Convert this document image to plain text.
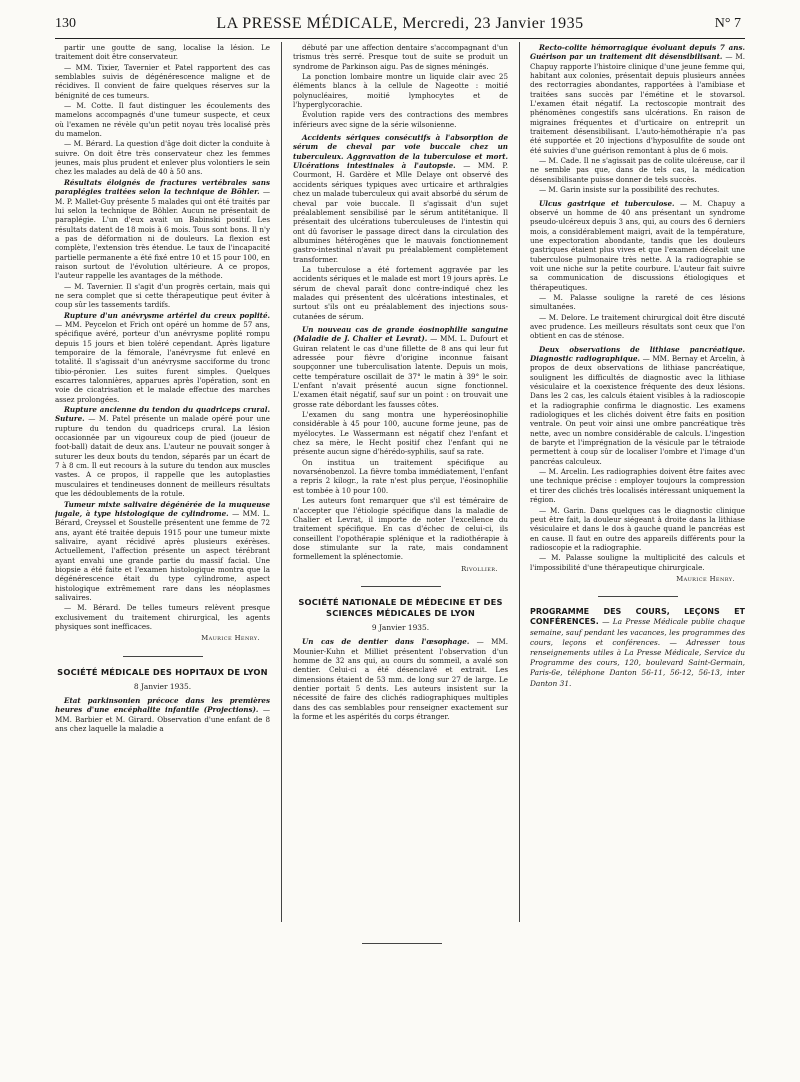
130	LA PRESSE MÉDICALE, Mercredi, 23 Janvier 1935	N° 7

partir une goutte de sang, localise la lésion. Le traitement doit être conservateur.

— MM. Tixier, Tavernier et Patel rapportent des cas semblables suivis de dégénérescence maligne et de récidives. Il convient de faire quelques réserves sur la bénignité de ces tumeurs.

— M. Cotte. Il faut distinguer les écoulements des mamelons accompagnés d'une tumeur suspecte, et ceux où l'examen ne révèle qu'un petit noyau très localisé près du mamelon.

— M. Bérard. La question d'âge doit dicter la conduite à suivre. On doit être très conservateur chez les femmes jeunes, mais plus prudent et enlever plus volontiers le sein chez les malades au delà de 40 à 50 ans.

Résultats éloignés de fractures vertébrales sans paraplégies traitées selon la technique de Böhler. — M. P. Mallet-Guy présente 5 malades qui ont été traités par lui selon la technique de Böhler. Aucun ne présentait de paraplégie. L'un d'eux avait un Babinski positif. Les résultats datent de 18 mois à 6 mois. Tous sont bons. Il n'y a pas de déformation ni de douleurs. La flexion est complète, l'extension très étendue. Le taux de l'incapacité partielle permanente a été fixé entre 10 et 15 pour 100, en raison surtout de l'évolution ultérieure. A ce propos, l'auteur rappelle les avantages de la méthode.

— M. Tavernier. Il s'agit d'un progrès certain, mais qui ne sera complet que si cette thérapeutique peut éviter à coup sûr les tassements tardifs.

Rupture d'un anévrysme artériel du creux poplité. — MM. Peycelon et Frich ont opéré un homme de 57 ans, spécifique avéré, porteur d'un anévrysme poplité rompu depuis 15 jours et bien toléré cependant. Après ligature temporaire de la fémorale, l'anévrysme fut enlevé en totalité. Il s'agissait d'un anévrysme sacciforme du tronc tibio-péronier. Les suites furent simples. Quelques escarres talonnières, apparues après l'opération, sont en voie de cicatrisation et le malade effectue des marches assez prolongées.

Rupture ancienne du tendon du quadriceps crural. Suture. — M. Patel présente un malade opéré pour une rupture du tendon du quadriceps crural. La lésion occasionnée par un vigoureux coup de pied (joueur de foot-ball) datait de deux ans. L'auteur ne pouvait songer à suturer les deux bouts du tendon, séparés par un écart de 7 à 8 cm. Il eut recours à la suture du tendon aux muscles vastes. A ce propos, il rappelle que les autoplasties musculaires et tendineuses donnent de meilleurs résultats que les dédoublements de la rotule.

Tumeur mixte salivaire dégénérée de la muqueuse jugale, à type histologique de cylindrome. — MM. L. Bérard, Creyssel et Soustelle présentent une femme de 72 ans, ayant été traitée depuis 1915 pour une tumeur mixte salivaire, ayant récidivé après plusieurs exérèses. Actuellement, l'affection présente un aspect térébrant ayant envahi une grande partie du massif facial. Une biopsie a été faite et l'examen histologique montra que la dégénérescence était du type cylindrome, aspect histologique extrêmement rare dans les néoplasmes salivaires.

— M. Bérard. De telles tumeurs relèvent presque exclusivement du traitement chirurgical, les agents physiques sont inefficaces.

Maurice Henry.

SOCIÉTÉ MÉDICALE DES HOPITAUX DE LYON

8 Janvier 1935.

Etat parkinsonien précoce dans les premières heures d'une encéphalite infantile (Projections). — MM. Barbier et M. Girard. Observation d'une enfant de 8 ans chez laquelle la maladie a

débuté par une affection dentaire s'accompagnant d'un trismus très serré. Presque tout de suite se produit un syndrome de Parkinson aigu. Pas de signes méningés.

La ponction lombaire montre un liquide clair avec 25 éléments blancs à la cellule de Nageotte : moitié polynucléaires, moitié lymphocytes et de l'hyperglycorachie.

Évolution rapide vers des contractions des membres inférieurs avec signe de la série wilsonienne.

Accidents sériques consécutifs à l'absorption de sérum de cheval par voie buccale chez un tuberculeux. Aggravation de la tuberculose et mort. Ulcérations intestinales à l'autopsie. — MM. P. Courmont, H. Gardère et Mlle Delaye ont observé des accidents sériques typiques avec urticaire et arthralgies chez un malade tuberculeux qui avait absorbé du sérum de cheval par voie buccale. Il s'agissait d'un sujet préalablement sensibilisé par le sérum antitétanique. Il présentait des ulcérations tuberculeuses de l'intestin qui ont dû favoriser le passage direct dans la circulation des albumines hétérogènes que le mauvais fonctionnement gastro-intestinal n'avait pu préalablement complètement transformer.

La tuberculose a été fortement aggravée par les accidents sériques et le malade est mort 19 jours après. Le sérum de cheval paraît donc contre-indiqué chez les malades qui présentent des ulcérations intestinales, et surtout s'ils ont eu préalablement des injections sous-cutanées de sérum.

Un nouveau cas de grande éosinophilie sanguine (Maladie de J. Chalier et Levrat). — MM. L. Dufourt et Guiran relatent le cas d'une fillette de 8 ans qui leur fut adressée pour fièvre d'origine inconnue faisant soupçonner une tuberculisation latente. Depuis un mois, cette température oscillait de 37° le matin à 39° le soir. L'enfant n'avait présenté aucun signe fonctionnel. L'examen était négatif, sauf sur un point : on trouvait une grosse rate débordant les fausses côtes.

L'examen du sang montra une hyperéosinophilie considérable à 45 pour 100, aucune forme jeune, pas de myélocytes. Le Wassermann est négatif chez l'enfant et chez sa mère, le Hecht positif chez l'enfant qui ne présente aucun signe d'hérédo-syphilis, sauf sa rate.

On institua un traitement spécifique au novarsénobenzol. La fièvre tomba immédiatement, l'enfant a repris 2 kilogr., la rate n'est plus perçue, l'éosinophilie est tombée à 10 pour 100.

Les auteurs font remarquer que s'il est téméraire de n'accepter que l'étiologie spécifique dans la maladie de Chalier et Levrat, il importe de noter l'excellence du traitement spécifique. En cas d'échec de celui-ci, ils conseillent l'opothérapie splénique et la radiothérapie à dose stimulante sur la rate, mais condamnent formellement la splénectomie.

Rivollier.

SOCIÉTÉ NATIONALE DE MÉDECINE ET DES SCIENCES MÉDICALES DE LYON

9 Janvier 1935.

Un cas de dentier dans l'œsophage. — MM. Mounier-Kuhn et Milliet présentent l'observation d'un homme de 32 ans qui, au cours du sommeil, a avalé son dentier. Celui-ci a été désenclavé et extrait. Les dimensions étaient de 53 mm. de long sur 27 de large. Le dentier portait 5 dents. Les auteurs insistent sur la nécessité de faire des clichés radiographiques multiples dans des cas semblables pour renseigner exactement sur la forme et les aspérités du corps étranger.

Recto-colite hémorragique évoluant depuis 7 ans. Guérison par un traitement dit désensibilisant. — M. Chapuy rapporte l'histoire clinique d'une jeune femme qui, habitant aux colonies, présentait depuis plusieurs années des rectorragies abondantes, rapportées à l'amibiase et traitées sans succès par l'émétine et le stovarsol. L'examen était négatif. La rectoscopie montrait des phénomènes congestifs sans ulcérations. En raison de migraines fréquentes et d'urticaire on entreprit un traitement désensibilisant. L'auto-hémothérapie n'a pas été supportée et 20 injections d'hyposulfite de soude ont été suivies d'une guérison remontant à plus de 6 mois.

— M. Cade. Il ne s'agissait pas de colite ulcéreuse, car il ne semble pas que, dans de tels cas, la médication désensibilisante puisse donner de tels succès.

— M. Garin insiste sur la possibilité des rechutes.

Ulcus gastrique et tuberculose. — M. Chapuy a observé un homme de 40 ans présentant un syndrome pseudo-ulcéreux depuis 3 ans, qui, au cours des 6 derniers mois, a considérablement maigri, avait de la température, une expectoration abondante, tandis que les douleurs gastriques étaient plus vives et que l'examen décelait une tuberculose pulmonaire très nette. A la radiographie se voit une niche sur la petite courbure. L'auteur fait suivre sa communication de discussions étiologiques et thérapeutiques.

— M. Palasse souligne la rareté de ces lésions simultanées.

— M. Delore. Le traitement chirurgical doit être discuté avec prudence. Les meilleurs résultats sont ceux que l'on obtient en cas de sténose.

Deux observations de lithiase pancréatique. Diagnostic radiographique. — MM. Bernay et Arcelin, à propos de deux observations de lithiase pancréatique, soulignent les difficultés de diagnostic avec la lithiase vésiculaire et la coexistence fréquente des deux lésions. Dans les 2 cas, les calculs étaient visibles à la radioscopie et la radiographie confirma le diagnostic. Les examens radiologiques et les clichés doivent être faits en position ventrale. On peut voir ainsi une ombre pancréatique très nette, avec un nombre considérable de calculs. L'ingestion de baryte et l'imprégnation de la vésicule par le tétraiode permettent à coup sûr de localiser l'ombre et l'image d'un pancréas calculeux.

— M. Arcelin. Les radiographies doivent être faites avec une technique précise : employer toujours la compression et tirer des clichés très localisés intéressant uniquement la région.

— M. Garin. Dans quelques cas le diagnostic clinique peut être fait, la douleur siégeant à droite dans la lithiase vésiculaire et dans le dos à gauche quand le pancréas est en cause. Il faut en outre des appareils différents pour la radioscopie et la radiographie.

— M. Palasse souligne la multiplicité des calculs et l'impossibilité d'une thérapeutique chirurgicale.

Maurice Henry.

PROGRAMME DES COURS, LEÇONS ET CONFÉRENCES. — La Presse Médicale publie chaque semaine, sauf pendant les vacances, les programmes des cours, leçons et conférences. — Adresser tous renseignements utiles à La Presse Médicale, Service du Programme des cours, 120, boulevard Saint-Germain, Paris-6e, téléphone Danton 56-11, 56-12, 56-13, inter Danton 31.
